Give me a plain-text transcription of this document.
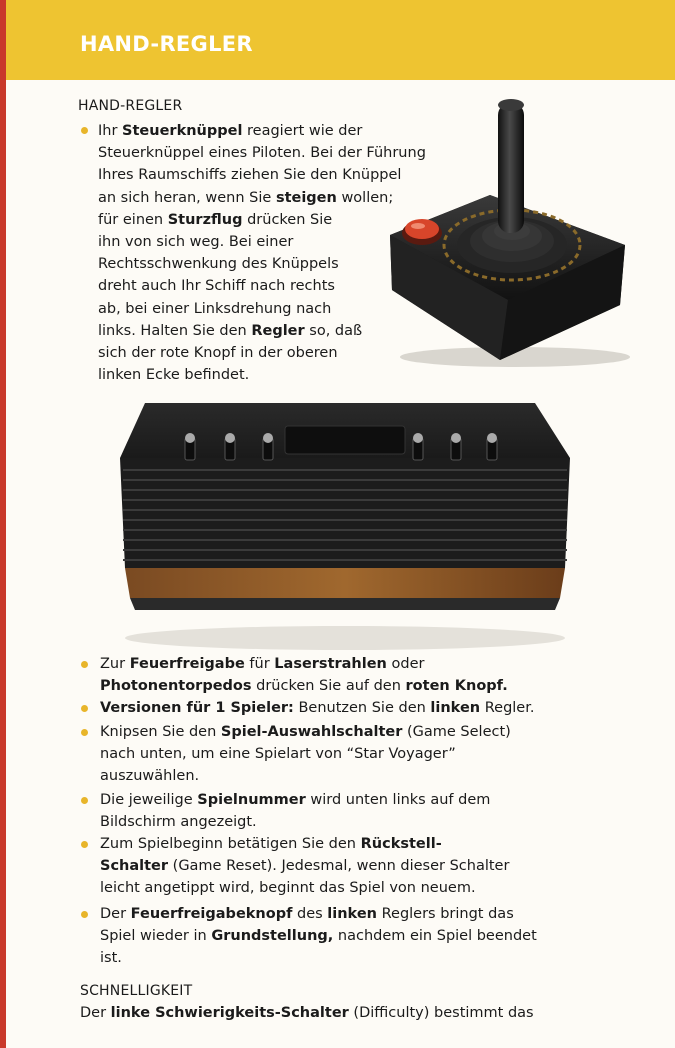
HAND-REGLER
HAND-REGLER
Ihr Steuerknüppel reagiert wie der
Steuerknüppel eines Piloten. Bei der Führung
Ihres Raumschiffs ziehen Sie den Knüppel
an sich heran, wenn Sie steigen wollen;
für einen Sturzflug drücken Sie
ihn von sich weg. Bei einer
Rechtsschwenkung des Knüppels
dreht auch Ihr Schiff nach rechts
ab, bei einer Linksdrehung nach
links. Halten Sie den Regler so, daß
sich der rote Knopf in der oberen
linken Ecke befindet.
Zur Feuerfreigabe für Laserstrahlen oder
Photonentorpedos drücken Sie auf den roten Knopf.
Versionen für 1 Spieler: Benutzen Sie den linken Regler.
Knipsen Sie den Spiel-Auswahlschalter (Game Select)
nach unten, um eine Spielart von “Star Voyager”
auszuwählen.
Die jeweilige Spielnummer wird unten links auf dem
Bildschirm angezeigt.
Zum Spielbeginn betätigen Sie den Rückstell-
Schalter (Game Reset). Jedesmal, wenn dieser Schalter
leicht angetippt wird, beginnt das Spiel von neuem.
Der Feuerfreigabeknopf des linken Reglers bringt das
Spiel wieder in Grundstellung, nachdem ein Spiel beendet
ist.
SCHNELLIGKEIT
Der linke Schwierigkeits-Schalter (Difficulty) bestimmt das
